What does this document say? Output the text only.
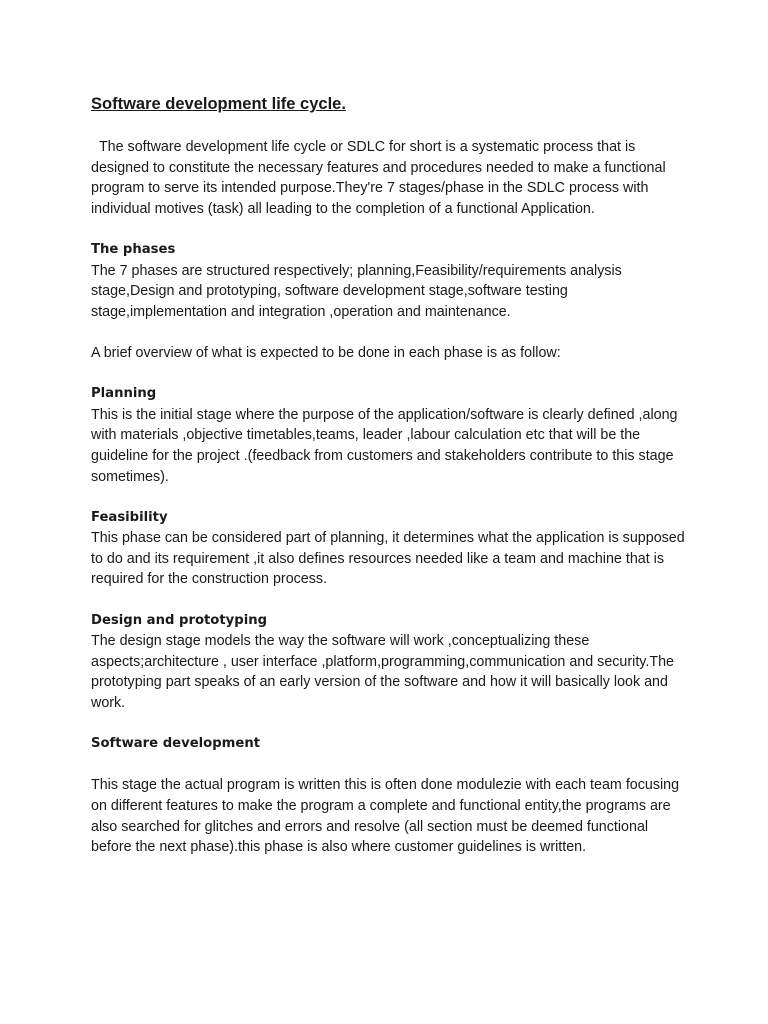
Software development life cycle.

The software development life cycle or SDLC for short is a systematic process that is designed to constitute the necessary features and procedures needed to make a functional program to serve its intended purpose.They're 7 stages/phase in the SDLC process with individual motives (task) all leading to the completion of a functional Application.

The phases

The 7 phases are structured respectively; planning,Feasibility/requirements analysis stage,Design and prototyping, software development stage,software testing stage,implementation and integration ,operation and maintenance.

A brief overview of what is expected to be done in each phase is as follow:

Planning

This is the initial stage where the purpose of the application/software is clearly defined ,along with materials ,objective timetables,teams, leader ,labour calculation etc that will be the guideline for the project .(feedback from customers and stakeholders contribute to this stage sometimes).

Feasibility

This phase can be considered part of planning, it determines what the application is supposed to do and its requirement ,it also defines resources needed like a team and machine that is required for the construction process.

Design and prototyping

The design stage models the way the software will work ,conceptualizing these aspects;architecture , user interface ,platform,programming,communication and security.The prototyping part speaks of an early version of the software and how it will basically look and work.

Software development

This stage the actual program is written this is often done modulezie with each team focusing on different features to make the program a complete and functional entity,the programs are also searched for glitches and errors and resolve (all section must be deemed functional before the next phase).this phase is also where customer guidelines is written.
